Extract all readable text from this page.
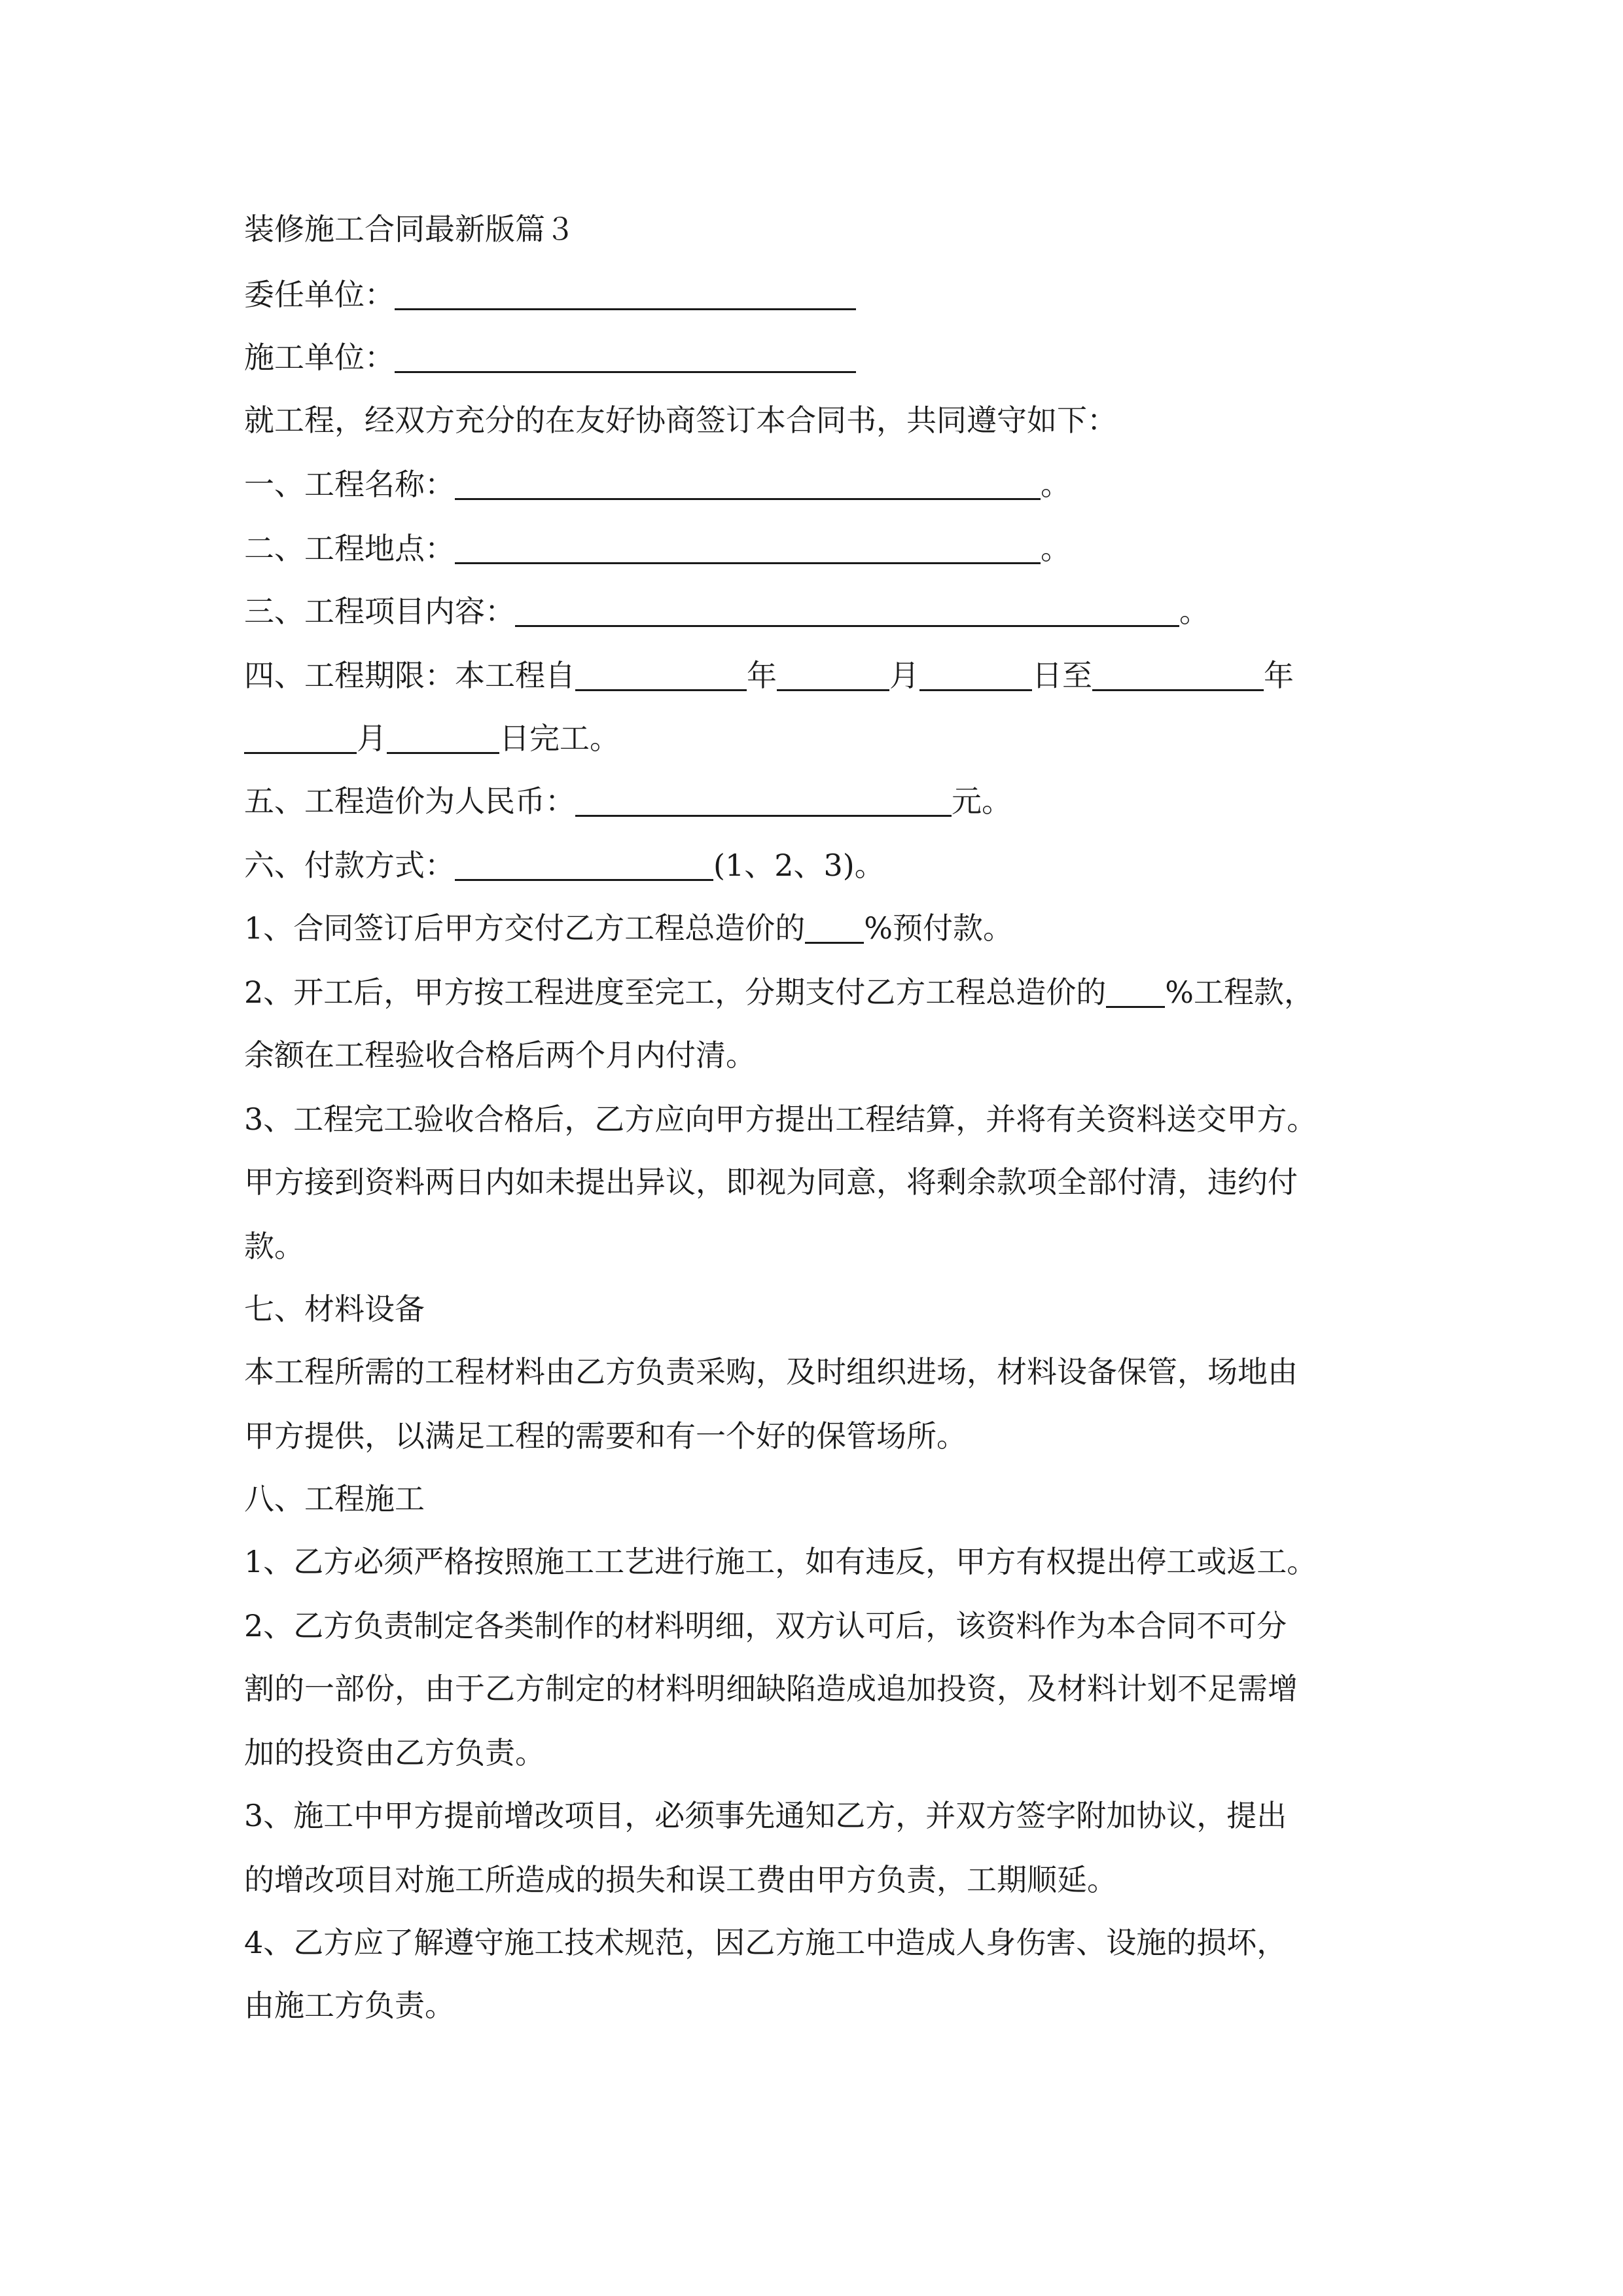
装修施工合同最新版篇３
委任单位：
施工单位：
就工程，经双方充分的在友好协商签订本合同书，共同遵守如下：
一、工程名称：	。
二、工程地点：	。
三、工程项目内容：	。
四、工程期限：本工程自	年	月	日至	年
月	日完工。
五、工程造价为人民币：	元。
六、付款方式：	(1、2、3)。
1、合同签订后甲方交付乙方工程总造价的 %预付款。
2、开工后，甲方按工程进度至完工，分期支付乙方工程总造价的 %工程款，
余额在工程验收合格后两个月内付清。
3、工程完工验收合格后，乙方应向甲方提出工程结算，并将有关资料送交甲方。
甲方接到资料两日内如未提出异议，即视为同意，将剩余款项全部付清，违约付
款。
七、材料设备
本工程所需的工程材料由乙方负责采购，及时组织进场，材料设备保管，场地由
甲方提供，以满足工程的需要和有一个好的保管场所。
八、工程施工
1、乙方必须严格按照施工工艺进行施工，如有违反，甲方有权提出停工或返工。
2、乙方负责制定各类制作的材料明细，双方认可后，该资料作为本合同不可分
割的一部份，由于乙方制定的材料明细缺陷造成追加投资，及材料计划不足需增
加的投资由乙方负责。
3、施工中甲方提前增改项目，必须事先通知乙方，并双方签字附加协议，提出
的增改项目对施工所造成的损失和误工费由甲方负责，工期顺延。
4、乙方应了解遵守施工技术规范，因乙方施工中造成人身伤害、设施的损坏，
由施工方负责。
